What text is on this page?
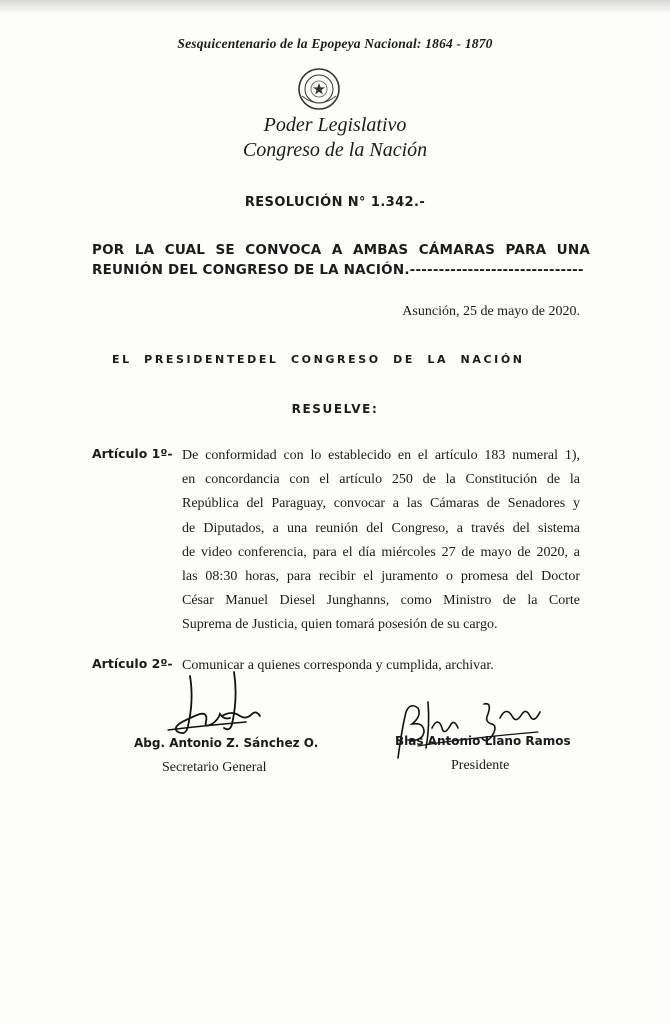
Sesquicentenario de la Epopeya Nacional: 1864 - 1870
Poder Legislativo
Congreso de la Nación
RESOLUCIÓN N° 1.342.-
POR LA CUAL SE CONVOCA A AMBAS CÁMARAS PARA UNA
REUNIÓN DEL CONGRESO DE LA NACIÓN.------------------------------
Asunción, 25 de mayo de 2020.
EL PRESIDENTEDEL CONGRESO DE LA NACIÓN
RESUELVE:
Artículo 1º- De conformidad con lo establecido en el artículo 183 numeral 1),
en concordancia con el artículo 250 de la Constitución de la
República del Paraguay, convocar a las Cámaras de Senadores y
de Diputados, a una reunión del Congreso, a través del sistema
de video conferencia, para el día miércoles 27 de mayo de 2020, a
las 08:30 horas, para recibir el juramento o promesa del Doctor
César Manuel Diesel Junghanns, como Ministro de la Corte
Suprema de Justicia, quien tomará posesión de su cargo.
Artículo 2º- Comunicar a quienes corresponda y cumplida, archivar.
Abg. Antonio Z. Sánchez O.
Secretario General
Blas Antonio Llano Ramos
Presidente
